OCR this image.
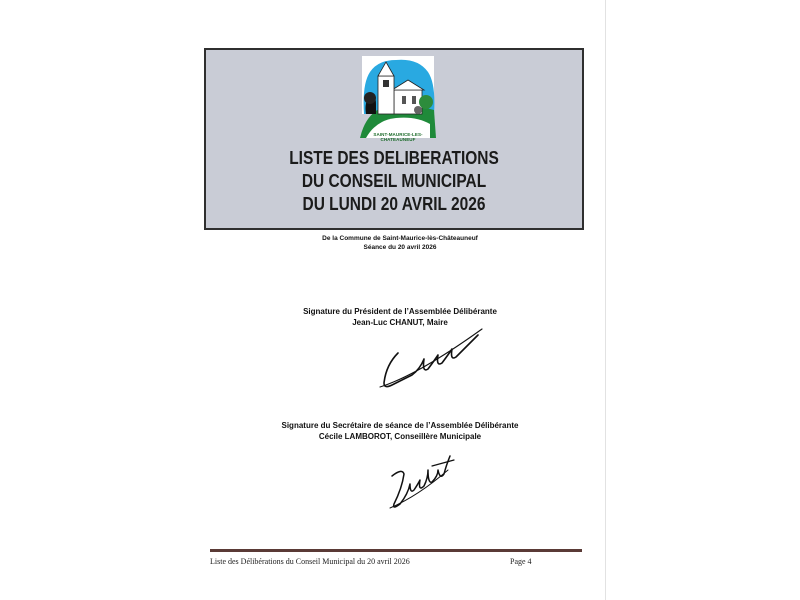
SAINT-MAURICE-LES-CHATEAUNEUF
LISTE DES DELIBERATIONS
DU CONSEIL MUNICIPAL
DU LUNDI 20 AVRIL 2026
De la Commune de Saint-Maurice-lès-Châteauneuf
Séance du 20 avril 2026
Signature du Président de l’Assemblée Délibérante
Jean-Luc CHANUT, Maire
Signature du Secrétaire de séance de l’Assemblée Délibérante
Cécile LAMBOROT, Conseillère Municipale
Liste des Délibérations du Conseil Municipal du 20 avril 2026	Page 4
